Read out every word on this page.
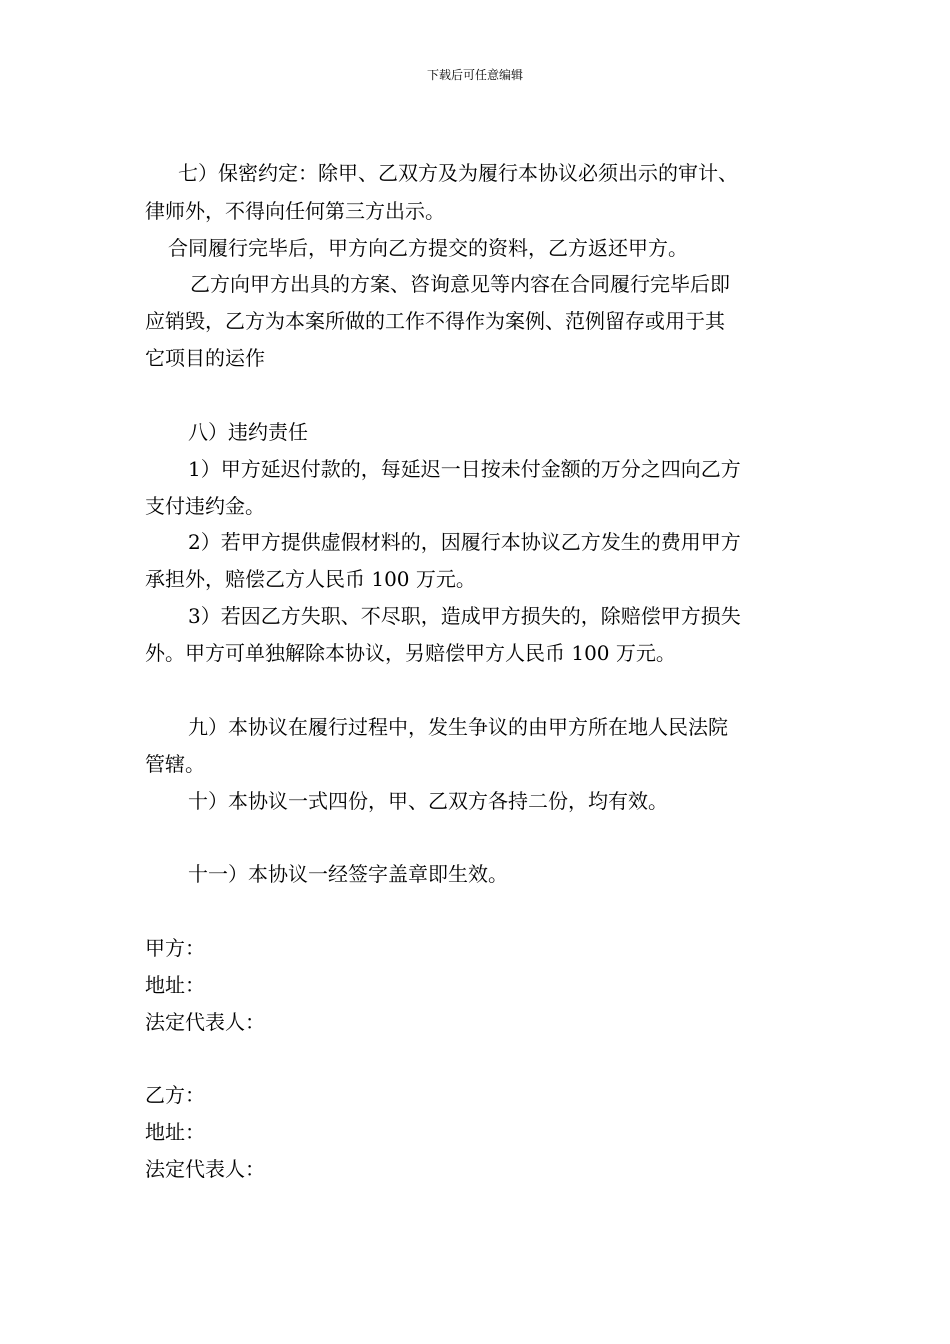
下载后可任意编辑
七）保密约定：除甲、乙双方及为履行本协议必须出示的审计、
律师外，不得向任何第三方出示。
合同履行完毕后，甲方向乙方提交的资料，乙方返还甲方。
乙方向甲方出具的方案、咨询意见等内容在合同履行完毕后即
应销毁，乙方为本案所做的工作不得作为案例、范例留存或用于其
它项目的运作
八）违约责任
1）甲方延迟付款的，每延迟一日按未付金额的万分之四向乙方
支付违约金。
2）若甲方提供虚假材料的，因履行本协议乙方发生的费用甲方
承担外，赔偿乙方人民币 100 万元。
3）若因乙方失职、不尽职，造成甲方损失的，除赔偿甲方损失
外。甲方可单独解除本协议，另赔偿甲方人民币 100 万元。
九）本协议在履行过程中，发生争议的由甲方所在地人民法院
管辖。
十）本协议一式四份，甲、乙双方各持二份，均有效。
十一）本协议一经签字盖章即生效。
甲方：
地址：
法定代表人：
乙方：
地址：
法定代表人：
